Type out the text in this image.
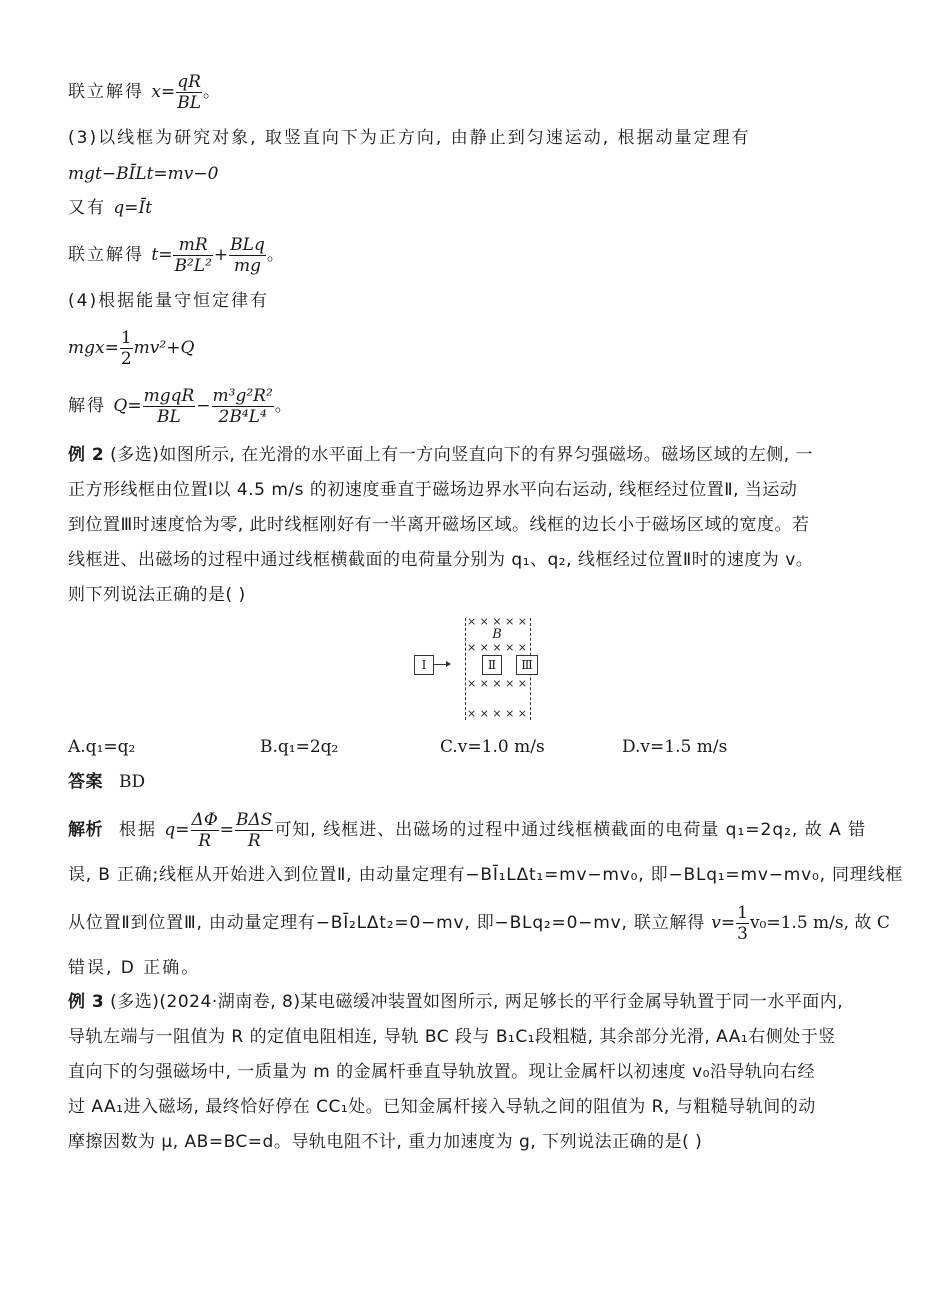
联立解得 $x= \frac{qR}{BL}$ 。
(3)以线框为研究对象, 取竖直向下为正方向, 由静止到匀速运动, 根据动量定理有
mgt−BĪLt=mv−0
又有 q=Īt
联立解得 $t= \frac{mR}{\text{B²L²}} + \frac{\text{BLq}}{mg}$ 。
(4)根据能量守恒定律有
$mgx= \frac{1}{2} mv^2+Q$
解得 $Q= \frac{\text{mgqR}}{BL} - \frac{\text{m³g²R²}}{\text{2B⁴L⁴}}$ 。
例 2 (多选)如图所示, 在光滑的水平面上有一方向竖直向下的有界匀强磁场。磁场区域的左侧, 一
正方形线框由位置Ⅰ以 4.5 m/s 的初速度垂直于磁场边界水平向右运动, 线框经过位置Ⅱ, 当运动
到位置Ⅲ时速度恰为零, 此时线框刚好有一半离开磁场区域。线框的边长小于磁场区域的宽度。若
线框进、出磁场的过程中通过线框横截面的电荷量分别为 q₁、q₂, 线框经过位置Ⅱ时的速度为 v。
则下列说法正确的是( )
× × × × ×
B
× × × × ×
× × × × ×
× × × × ×
Ⅰ	Ⅱ	Ⅲ
A.q₁=q₂	B.q₁=2q₂	C.v=1.0 m/s	D.v=1.5 m/s
答案 BD
解析 根据 $q= \frac{\Delta\Phi}{R} = \frac{\text{BΔS}}{R}$ 可知, 线框进、出磁场的过程中通过线框横截面的电荷量 q₁=2q₂, 故 A 错
误, B 正确;线框从开始进入到位置Ⅱ, 由动量定理有−BĪ₁LΔt₁=mv−mv₀, 即−BLq₁=mv−mv₀, 同理线框
从位置Ⅱ到位置Ⅲ, 由动量定理有−BĪ₂LΔt₂=0−mv, 即−BLq₂=0−mv, 联立解得 $v= \frac{1}{3} v_0=1.5$ m/s, 故 C
错误, D 正确。
例 3 (多选)(2024·湖南卷, 8)某电磁缓冲装置如图所示, 两足够长的平行金属导轨置于同一水平面内,
导轨左端与一阻值为 R 的定值电阻相连, 导轨 BC 段与 B₁C₁段粗糙, 其余部分光滑, AA₁右侧处于竖
直向下的匀强磁场中, 一质量为 m 的金属杆垂直导轨放置。现让金属杆以初速度 v₀沿导轨向右经
过 AA₁进入磁场, 最终恰好停在 CC₁处。已知金属杆接入导轨之间的阻值为 R, 与粗糙导轨间的动
摩擦因数为 μ, AB=BC=d。导轨电阻不计, 重力加速度为 g, 下列说法正确的是( )
